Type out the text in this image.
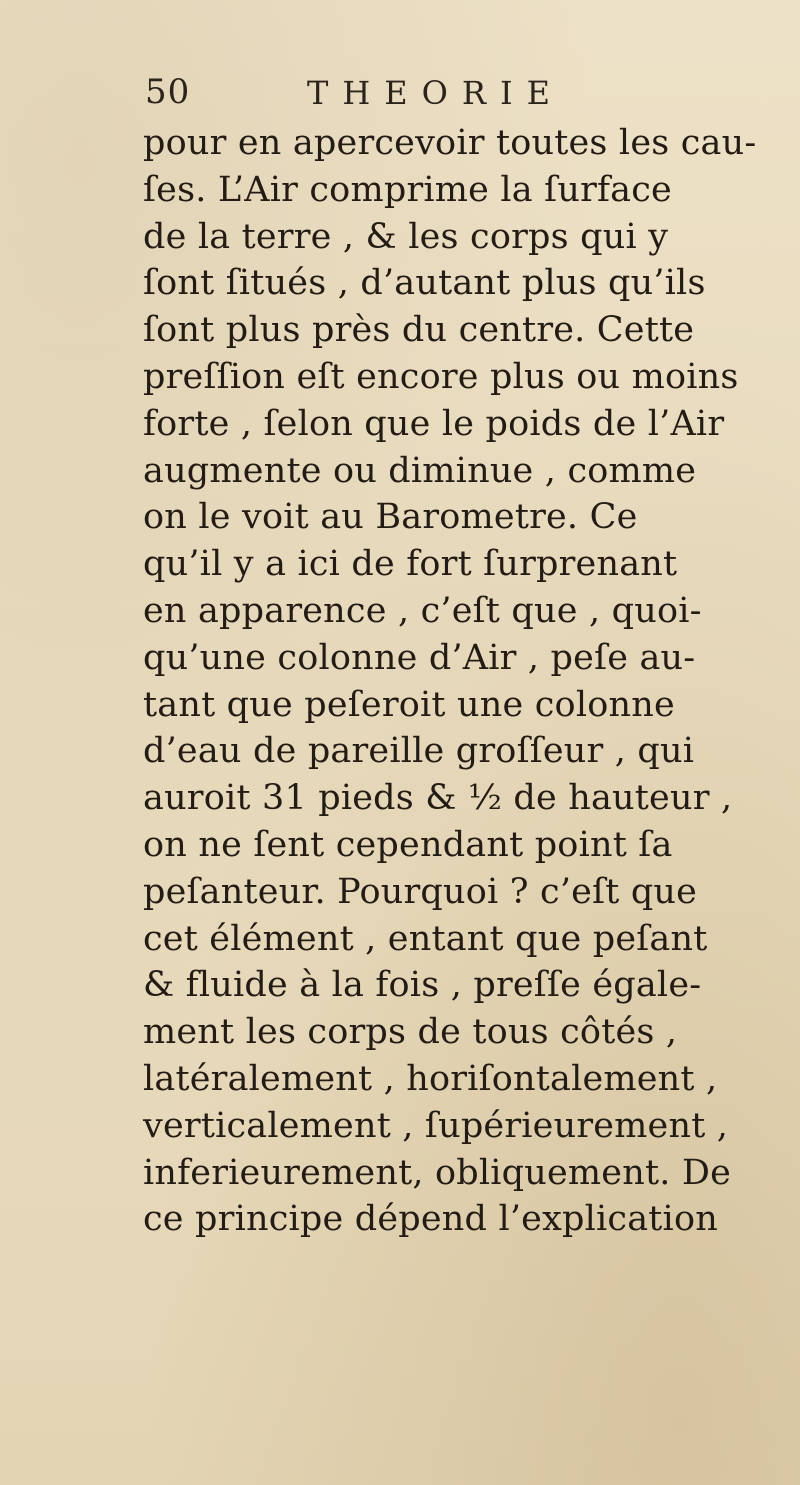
50	THEORIE
pour en apercevoir toutes les cau-
ſes. L’Air comprime la ſurface
de la terre , & les corps qui y
ſont ſitués , d’autant plus qu’ils
ſont plus près du centre. Cette
preſſion eſt encore plus ou moins
forte , ſelon que le poids de l’Air
augmente ou diminue , comme
on le voit au Barometre. Ce
qu’il y a ici de fort ſurprenant
en apparence , c’eſt que , quoi-
qu’une colonne d’Air , peſe au-
tant que peſeroit une colonne
d’eau de pareille groſſeur , qui
auroit 31 pieds & ½ de hauteur ,
on ne ſent cependant point ſa
peſanteur. Pourquoi ? c’eſt que
cet élément , entant que peſant
& fluide à la fois , preſſe égale-
ment les corps de tous côtés ,
latéralement , horiſontalement ,
verticalement , ſupérieurement ,
inferieurement, obliquement. De
ce principe dépend l’explication
